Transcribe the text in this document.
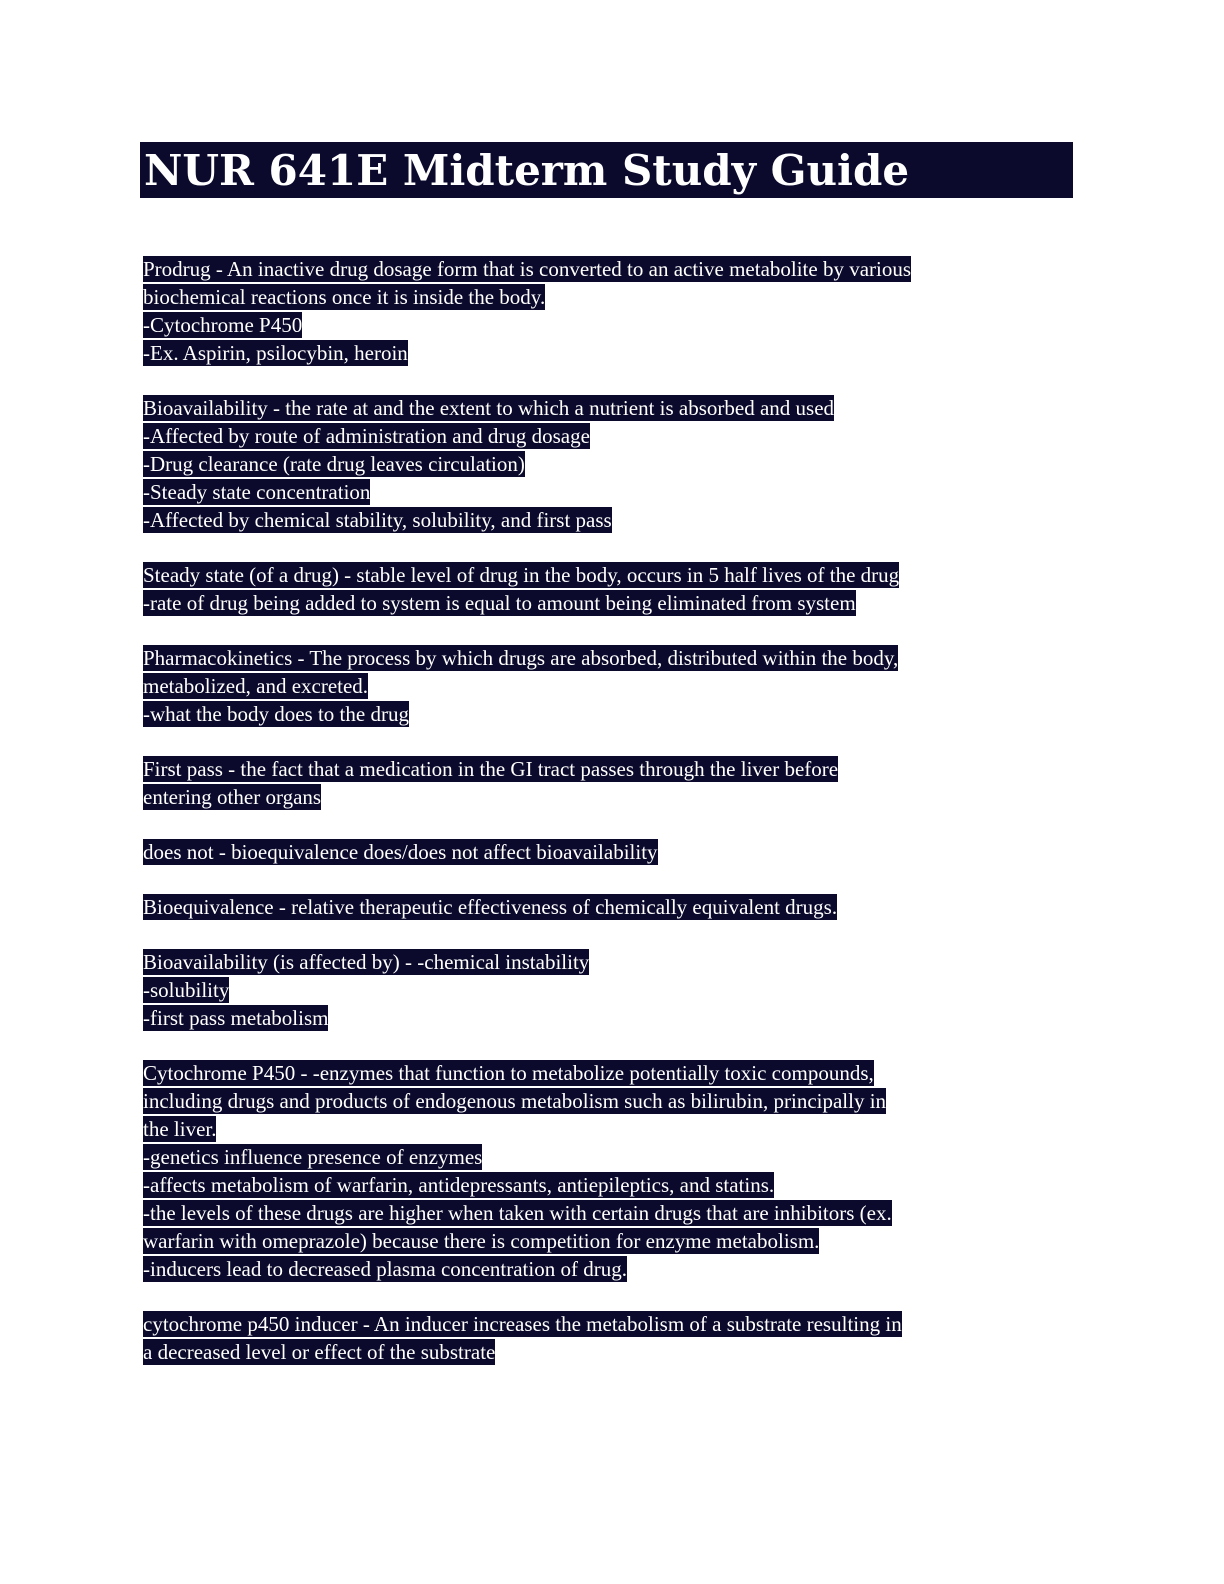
NUR 641E Midterm Study Guide
Prodrug - An inactive drug dosage form that is converted to an active metabolite by various
biochemical reactions once it is inside the body.
-Cytochrome P450
-Ex. Aspirin, psilocybin, heroin
Bioavailability - the rate at and the extent to which a nutrient is absorbed and used
-Affected by route of administration and drug dosage
-Drug clearance (rate drug leaves circulation)
-Steady state concentration
-Affected by chemical stability, solubility, and first pass
Steady state (of a drug) - stable level of drug in the body, occurs in 5 half lives of the drug
-rate of drug being added to system is equal to amount being eliminated from system
Pharmacokinetics - The process by which drugs are absorbed, distributed within the body,
metabolized, and excreted.
-what the body does to the drug
First pass - the fact that a medication in the GI tract passes through the liver before
entering other organs
does not - bioequivalence does/does not affect bioavailability
Bioequivalence - relative therapeutic effectiveness of chemically equivalent drugs.
Bioavailability (is affected by) - -chemical instability
-solubility
-first pass metabolism
Cytochrome P450 - -enzymes that function to metabolize potentially toxic compounds,
including drugs and products of endogenous metabolism such as bilirubin, principally in
the liver.
-genetics influence presence of enzymes
-affects metabolism of warfarin, antidepressants, antiepileptics, and statins.
-the levels of these drugs are higher when taken with certain drugs that are inhibitors (ex.
warfarin with omeprazole) because there is competition for enzyme metabolism.
-inducers lead to decreased plasma concentration of drug.
cytochrome p450 inducer - An inducer increases the metabolism of a substrate resulting in
a decreased level or effect of the substrate
